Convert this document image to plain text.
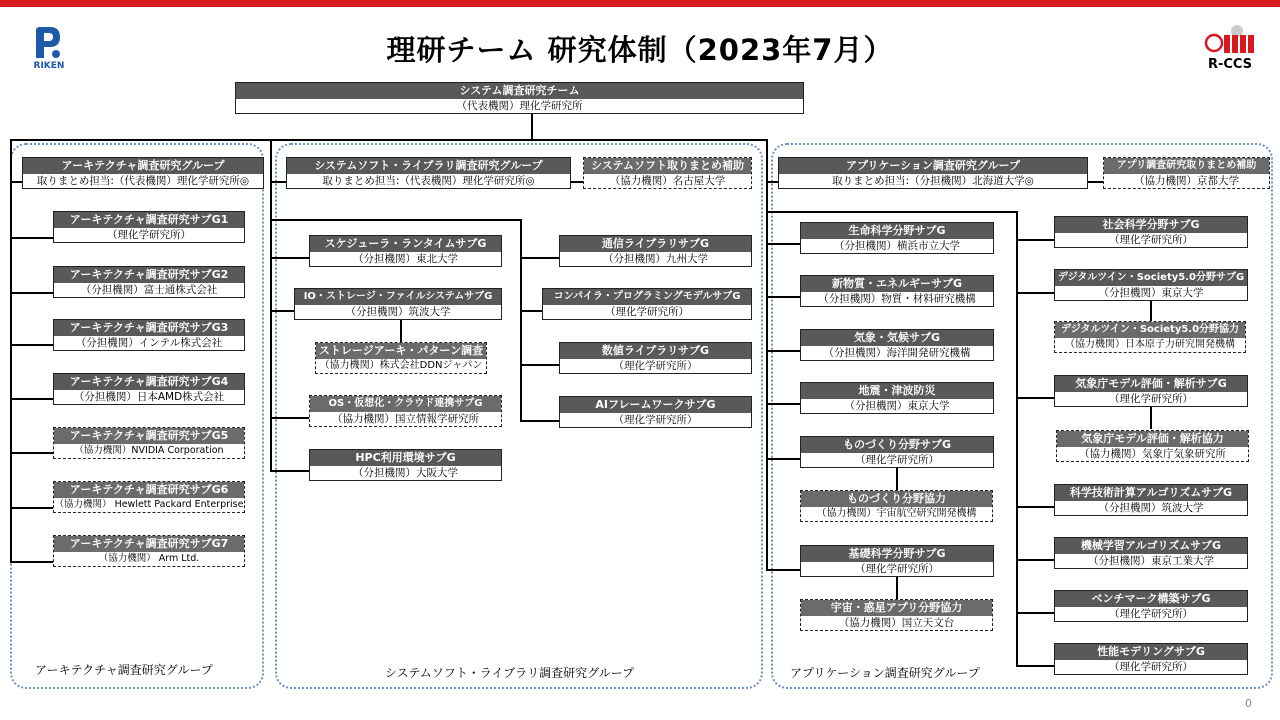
RIKEN	R-CCS
理研チーム 研究体制（2023年7月）
アーキテクチャ調査研究グループ	システムソフト・ライブラリ調査研究グループ	アプリケーション調査研究グループ
システム調査研究チーム
（代表機関）理化学研究所
アーキテクチャ調査研究グループ
取りまとめ担当:（代表機関）理化学研究所◎
アーキテクチャ調査研究サブG1
（理化学研究所）
アーキテクチャ調査研究サブG2
（分担機関）富士通株式会社
アーキテクチャ調査研究サブG3
（分担機関）インテル株式会社
アーキテクチャ調査研究サブG4
（分担機関）日本AMD株式会社
アーキテクチャ調査研究サブG5
（協力機関）NVIDIA Corporation
アーキテクチャ調査研究サブG6
（協力機関） Hewlett Packard Enterprise
アーキテクチャ調査研究サブG7
（協力機関） Arm Ltd.
システムソフト・ライブラリ調査研究グループ
取りまとめ担当:（代表機関）理化学研究所◎
システムソフト取りまとめ補助
（協力機関）名古屋大学
スケジューラ・ランタイムサブG
（分担機関）東北大学
IO・ストレージ・ファイルシステムサブG
（分担機関）筑波大学
ストレージアーキ・パターン調査
（協力機関）株式会社DDNジャパン
OS・仮想化・クラウド連携サブG
（協力機関）国立情報学研究所
HPC利用環境サブG
（分担機関）大阪大学
通信ライブラリサブG
（分担機関）九州大学
コンパイラ・プログラミングモデルサブG
（理化学研究所）
数値ライブラリサブG
（理化学研究所）
AIフレームワークサブG
（理化学研究所）
アプリケーション調査研究グループ
取りまとめ担当:（分担機関）北海道大学◎
アプリ調査研究取りまとめ補助
（協力機関）京都大学
生命科学分野サブG
（分担機関）横浜市立大学
新物質・エネルギーサブG
（分担機関）物質・材料研究機構
気象・気候サブG
（分担機関）海洋開発研究機構
地震・津波防災
（分担機関）東京大学
ものづくり分野サブG
（理化学研究所）
ものづくり分野協力
（協力機関）宇宙航空研究開発機構
基礎科学分野サブG
（理化学研究所）
宇宙・惑星アプリ分野協力
（協力機関）国立天文台
社会科学分野サブG
（理化学研究所）
デジタルツイン・Society5.0分野サブG
（分担機関）東京大学
デジタルツイン・Society5.0分野協力
（協力機関）日本原子力研究開発機構
気象庁モデル評価・解析サブG
（理化学研究所）
気象庁モデル評価・解析協力
（協力機関）気象庁気象研究所
科学技術計算アルゴリズムサブG
（分担機関）筑波大学
機械学習アルゴリズムサブG
（分担機関）東京工業大学
ベンチマーク構築サブG
（理化学研究所）
性能モデリングサブG
（理化学研究所）
0
